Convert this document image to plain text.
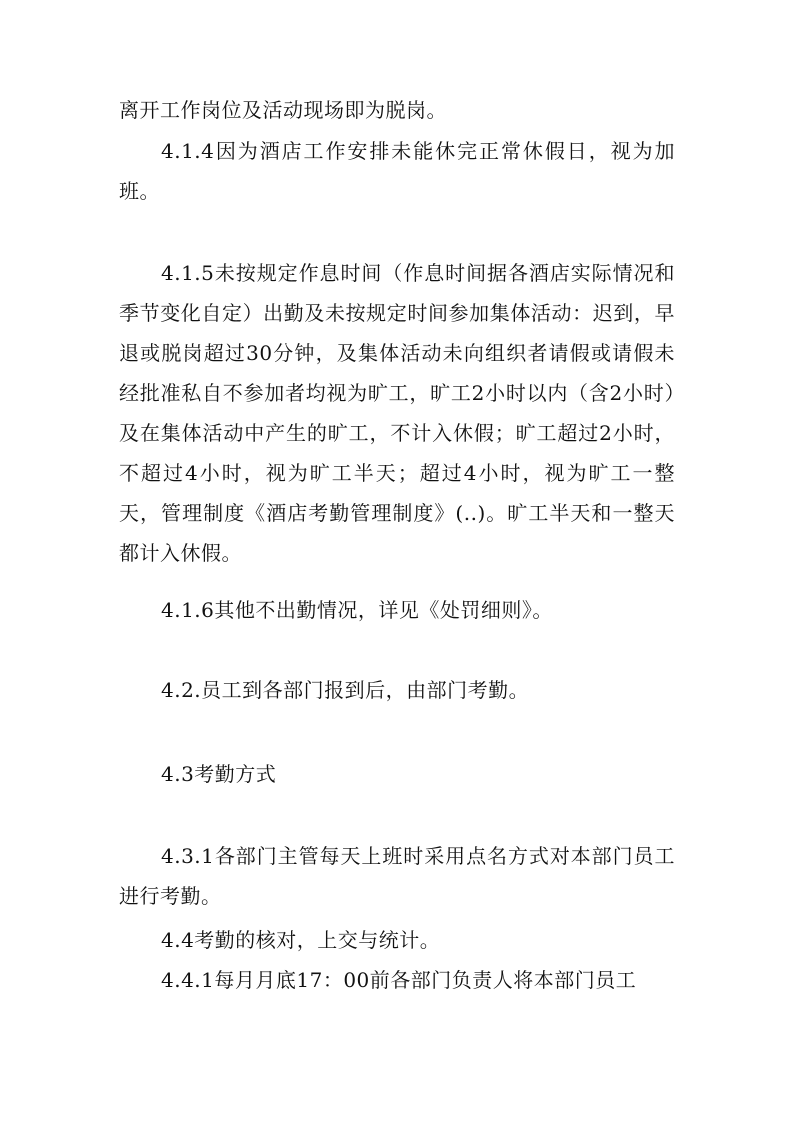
离开工作岗位及活动现场即为脱岗。

4.1.4因为酒店工作安排未能休完正常休假日，视为加班。

4.1.5未按规定作息时间（作息时间据各酒店实际情况和季节变化自定）出勤及未按规定时间参加集体活动：迟到，早退或脱岗超过30分钟，及集体活动未向组织者请假或请假未经批准私自不参加者均视为旷工，旷工2小时以内（含2小时）及在集体活动中产生的旷工，不计入休假；旷工超过2小时，不超过4小时，视为旷工半天；超过4小时，视为旷工一整天，管理制度《酒店考勤管理制度》(..)。旷工半天和一整天都计入休假。

4.1.6其他不出勤情况，详见《处罚细则》。

4.2.员工到各部门报到后，由部门考勤。

4.3考勤方式

4.3.1各部门主管每天上班时采用点名方式对本部门员工进行考勤。

4.4考勤的核对，上交与统计。

4.4.1每月月底17：00前各部门负责人将本部门员工
